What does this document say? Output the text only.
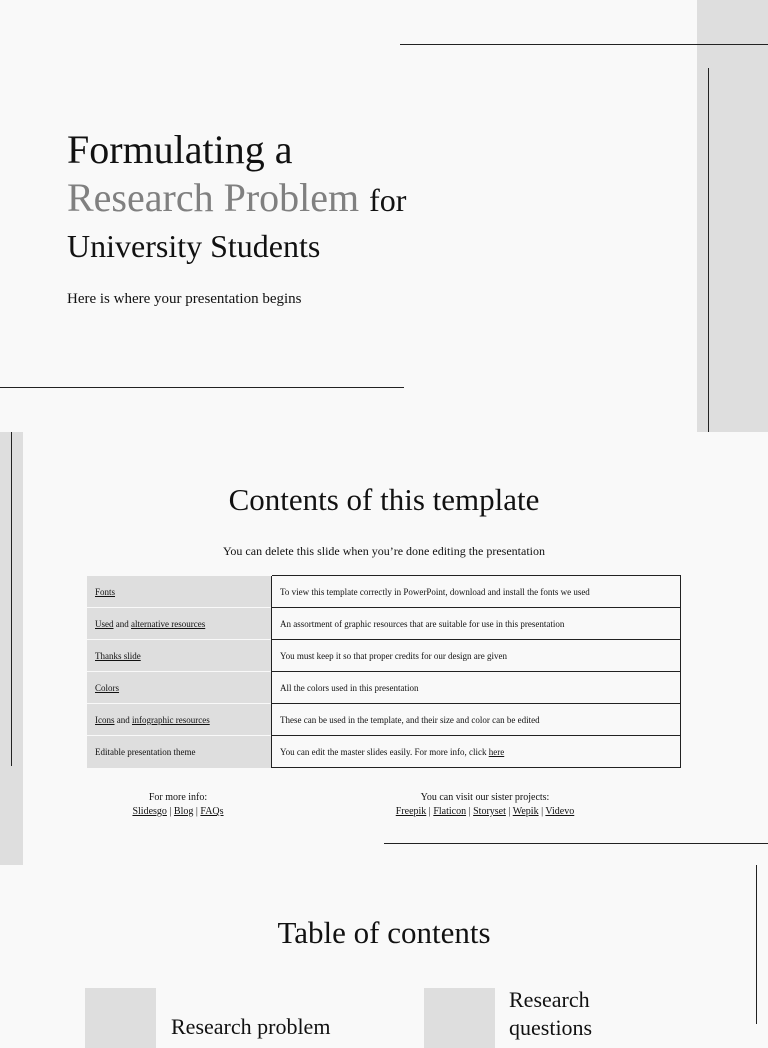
Formulating a
Research Problem for
University Students
Here is where your presentation begins
Contents of this template
You can delete this slide when you’re done editing the presentation
Fonts	To view this template correctly in PowerPoint, download and install the fonts we used
Used and alternative resources	An assortment of graphic resources that are suitable for use in this presentation
Thanks slide	You must keep it so that proper credits for our design are given
Colors	All the colors used in this presentation
Icons and infographic resources	These can be used in the template, and their size and color can be edited
Editable presentation theme	You can edit the master slides easily. For more info, click here
For more info:
Slidesgo | Blog | FAQs
You can visit our sister projects:
Freepik | Flaticon | Storyset | Wepik | Videvo
Table of contents
Research problem
Research questions
